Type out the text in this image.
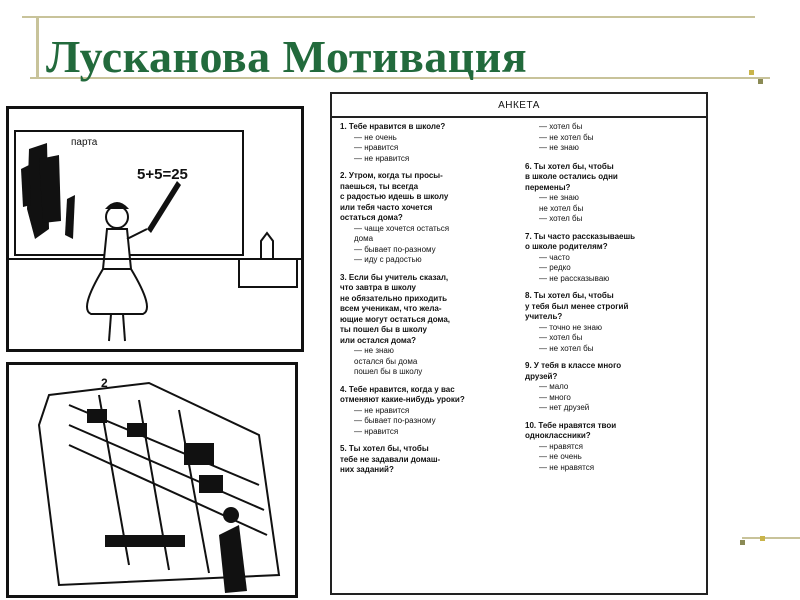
Лусканова Мотивация
парта
5+5=25
2
АНКЕТА
1. Тебе нравится в школе?
— не очень
— нравится
— не нравится
2. Утром, когда ты просы-
паешься, ты всегда
с радостью идешь в школу
или тебя часто хочется
остаться дома?
— чаще хочется остаться
дома
— бывает по-разному
— иду с радостью
3. Если бы учитель сказал,
что завтра в школу
не обязательно приходить
всем ученикам, что жела-
ющие могут остаться дома,
ты пошел бы в школу
или остался дома?
— не знаю
остался бы дома
пошел бы в школу
4. Тебе нравится, когда у вас
отменяют какие-нибудь уроки?
— не нравится
— бывает по-разному
— нравится
5. Ты хотел бы, чтобы
тебе не задавали домаш-
них заданий?
— хотел бы
— не хотел бы
— не знаю
6. Ты хотел бы, чтобы
в школе остались одни
перемены?
— не знаю
не хотел бы
— хотел бы
7. Ты часто рассказываешь
о школе родителям?
— часто
— редко
— не рассказываю
8. Ты хотел бы, чтобы
у тебя был менее строгий
учитель?
— точно не знаю
— хотел бы
— не хотел бы
9. У тебя в классе много
друзей?
— мало
— много
— нет друзей
10. Тебе нравятся твои
одноклассники?
— нравятся
— не очень
— не нравятся
